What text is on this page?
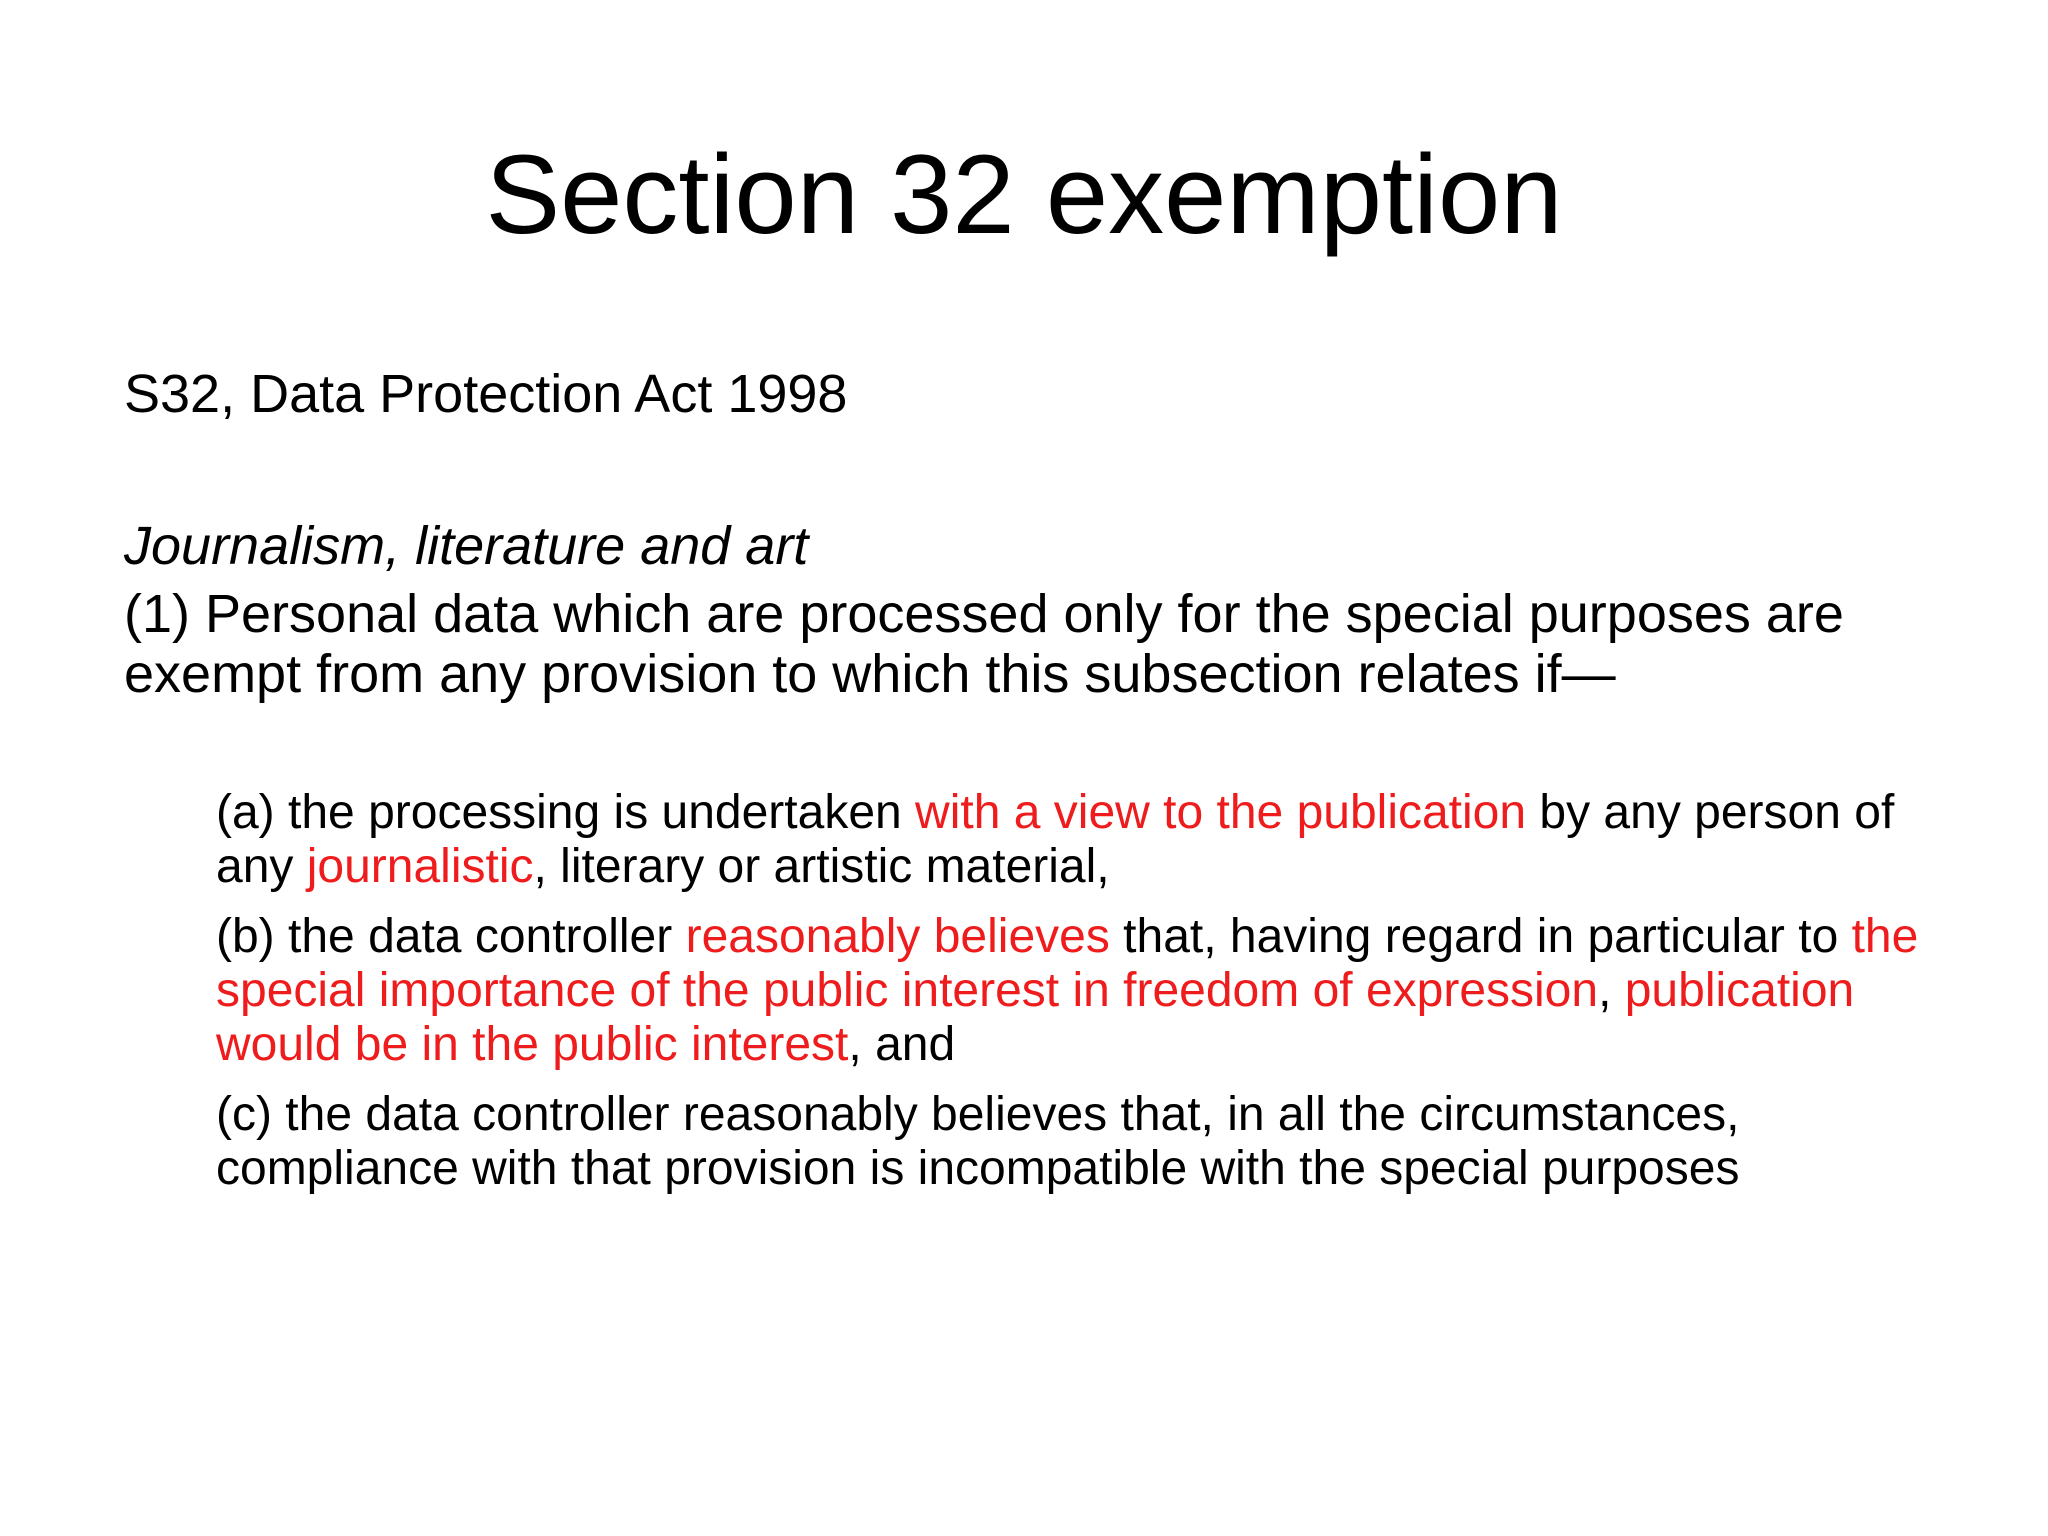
Section 32 exemption

S32, Data Protection Act 1998

Journalism, literature and art

(1) Personal data which are processed only for the special purposes are exempt from any provision to which this subsection relates if—

(a) the processing is undertaken with a view to the publication by any person of any journalistic, literary or artistic material,

(b) the data controller reasonably believes that, having regard in particular to the special importance of the public interest in freedom of expression, publication would be in the public interest, and

(c) the data controller reasonably believes that, in all the circumstances, compliance with that provision is incompatible with the special purposes
